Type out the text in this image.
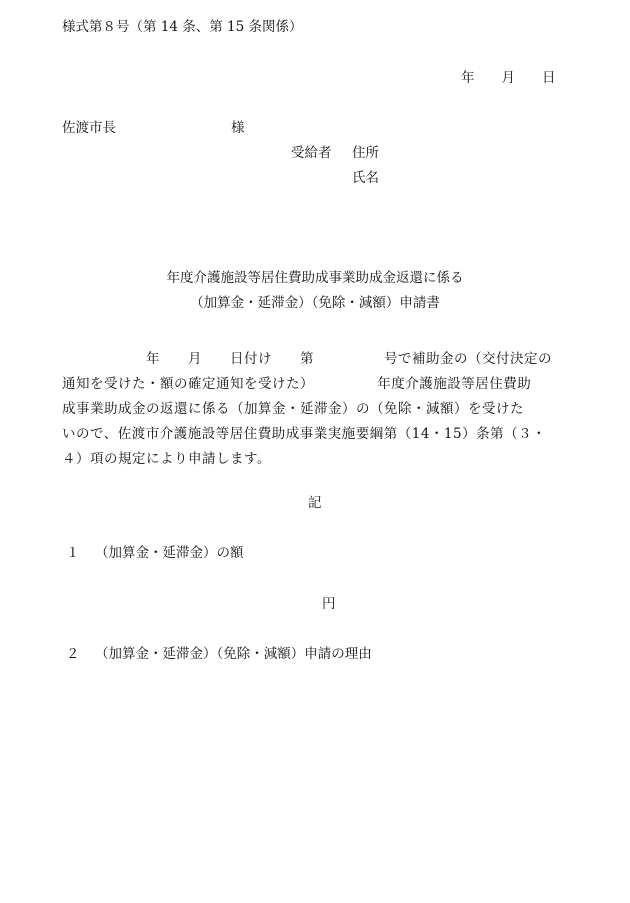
様式第８号（第 14 条、第 15 条関係）
年　　月　　日
佐渡市長	様
受給者 住所
氏名
年度介護施設等居住費助成事業助成金返還に係る
（加算金・延滞金）（免除・減額）申請書
　　　　　　年　　月　　日付け　　第　　　　　号で補助金の（交付決定の
通知を受けた・額の確定通知を受けた）　　　　　年度介護施設等居住費助
成事業助成金の返還に係る（加算金・延滞金）の（免除・減額）を受けた
いので、佐渡市介護施設等居住費助成事業実施要綱第（14・15）条第（３・
４）項の規定により申請します。
記
１ （加算金・延滞金）の額
円
２ （加算金・延滞金）（免除・減額）申請の理由
